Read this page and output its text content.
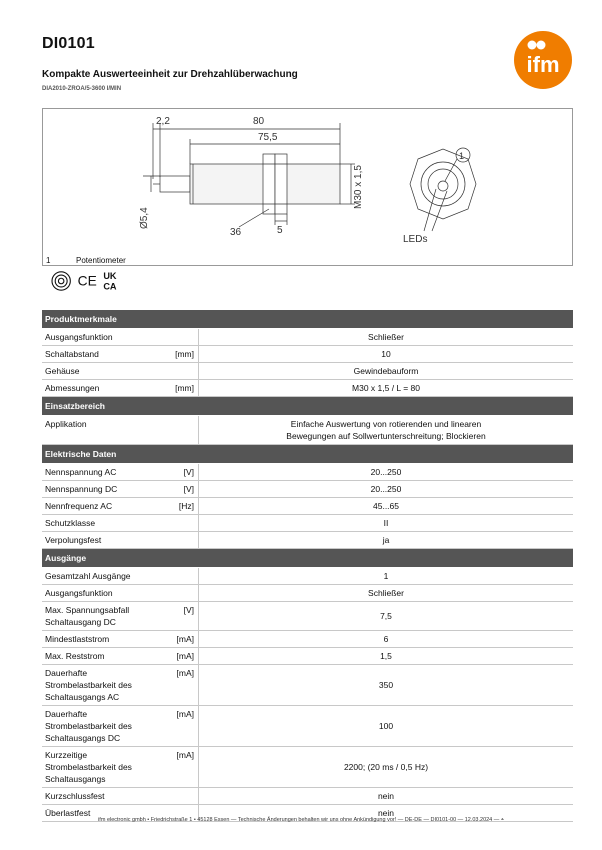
DI0101
Kompakte Auswerteeinheit zur Drehzahlüberwachung
DIA2010-ZROA/5-3600 I/MIN
ifm
2,2	80
75,5
36	5
1
LEDs
M30 x 1,5
Ø5,4
1	Potentiometer
CE UK
CA
Produktmerkmale		
Ausgangsfunktion		Schließer
Schaltabstand	[mm]	10
Gehäuse		Gewindebauform
Abmessungen	[mm]	M30 x 1,5 / L = 80
Einsatzbereich		
Applikation		Einfache Auswertung von rotierenden und linearen
Bewegungen auf Sollwertunterschreitung; Blockieren
Elektrische Daten		
Nennspannung AC	[V]	20...250
Nennspannung DC	[V]	20...250
Nennfrequenz AC	[Hz]	45...65
Schutzklasse		II
Verpolungsfest		ja
Ausgänge		
Gesamtzahl Ausgänge		1
Ausgangsfunktion		Schließer
Max. Spannungsabfall
Schaltausgang DC	[V]	7,5
Mindestlaststrom	[mA]	6
Max. Reststrom	[mA]	1,5
Dauerhafte
Strombelastbarkeit des
Schaltausgangs AC	[mA]	350
Dauerhafte
Strombelastbarkeit des
Schaltausgangs DC	[mA]	100
Kurzzeitige
Strombelastbarkeit des
Schaltausgangs	[mA]	2200; (20 ms / 0,5 Hz)
Kurzschlussfest		nein
Überlastfest		nein
ifm electronic gmbh • Friedrichstraße 1 • 45128 Essen — Technische Änderungen behalten wir uns ohne Ankündigung vor! — DE-DE — DI0101-00 — 12.03.2024 — ⩡
